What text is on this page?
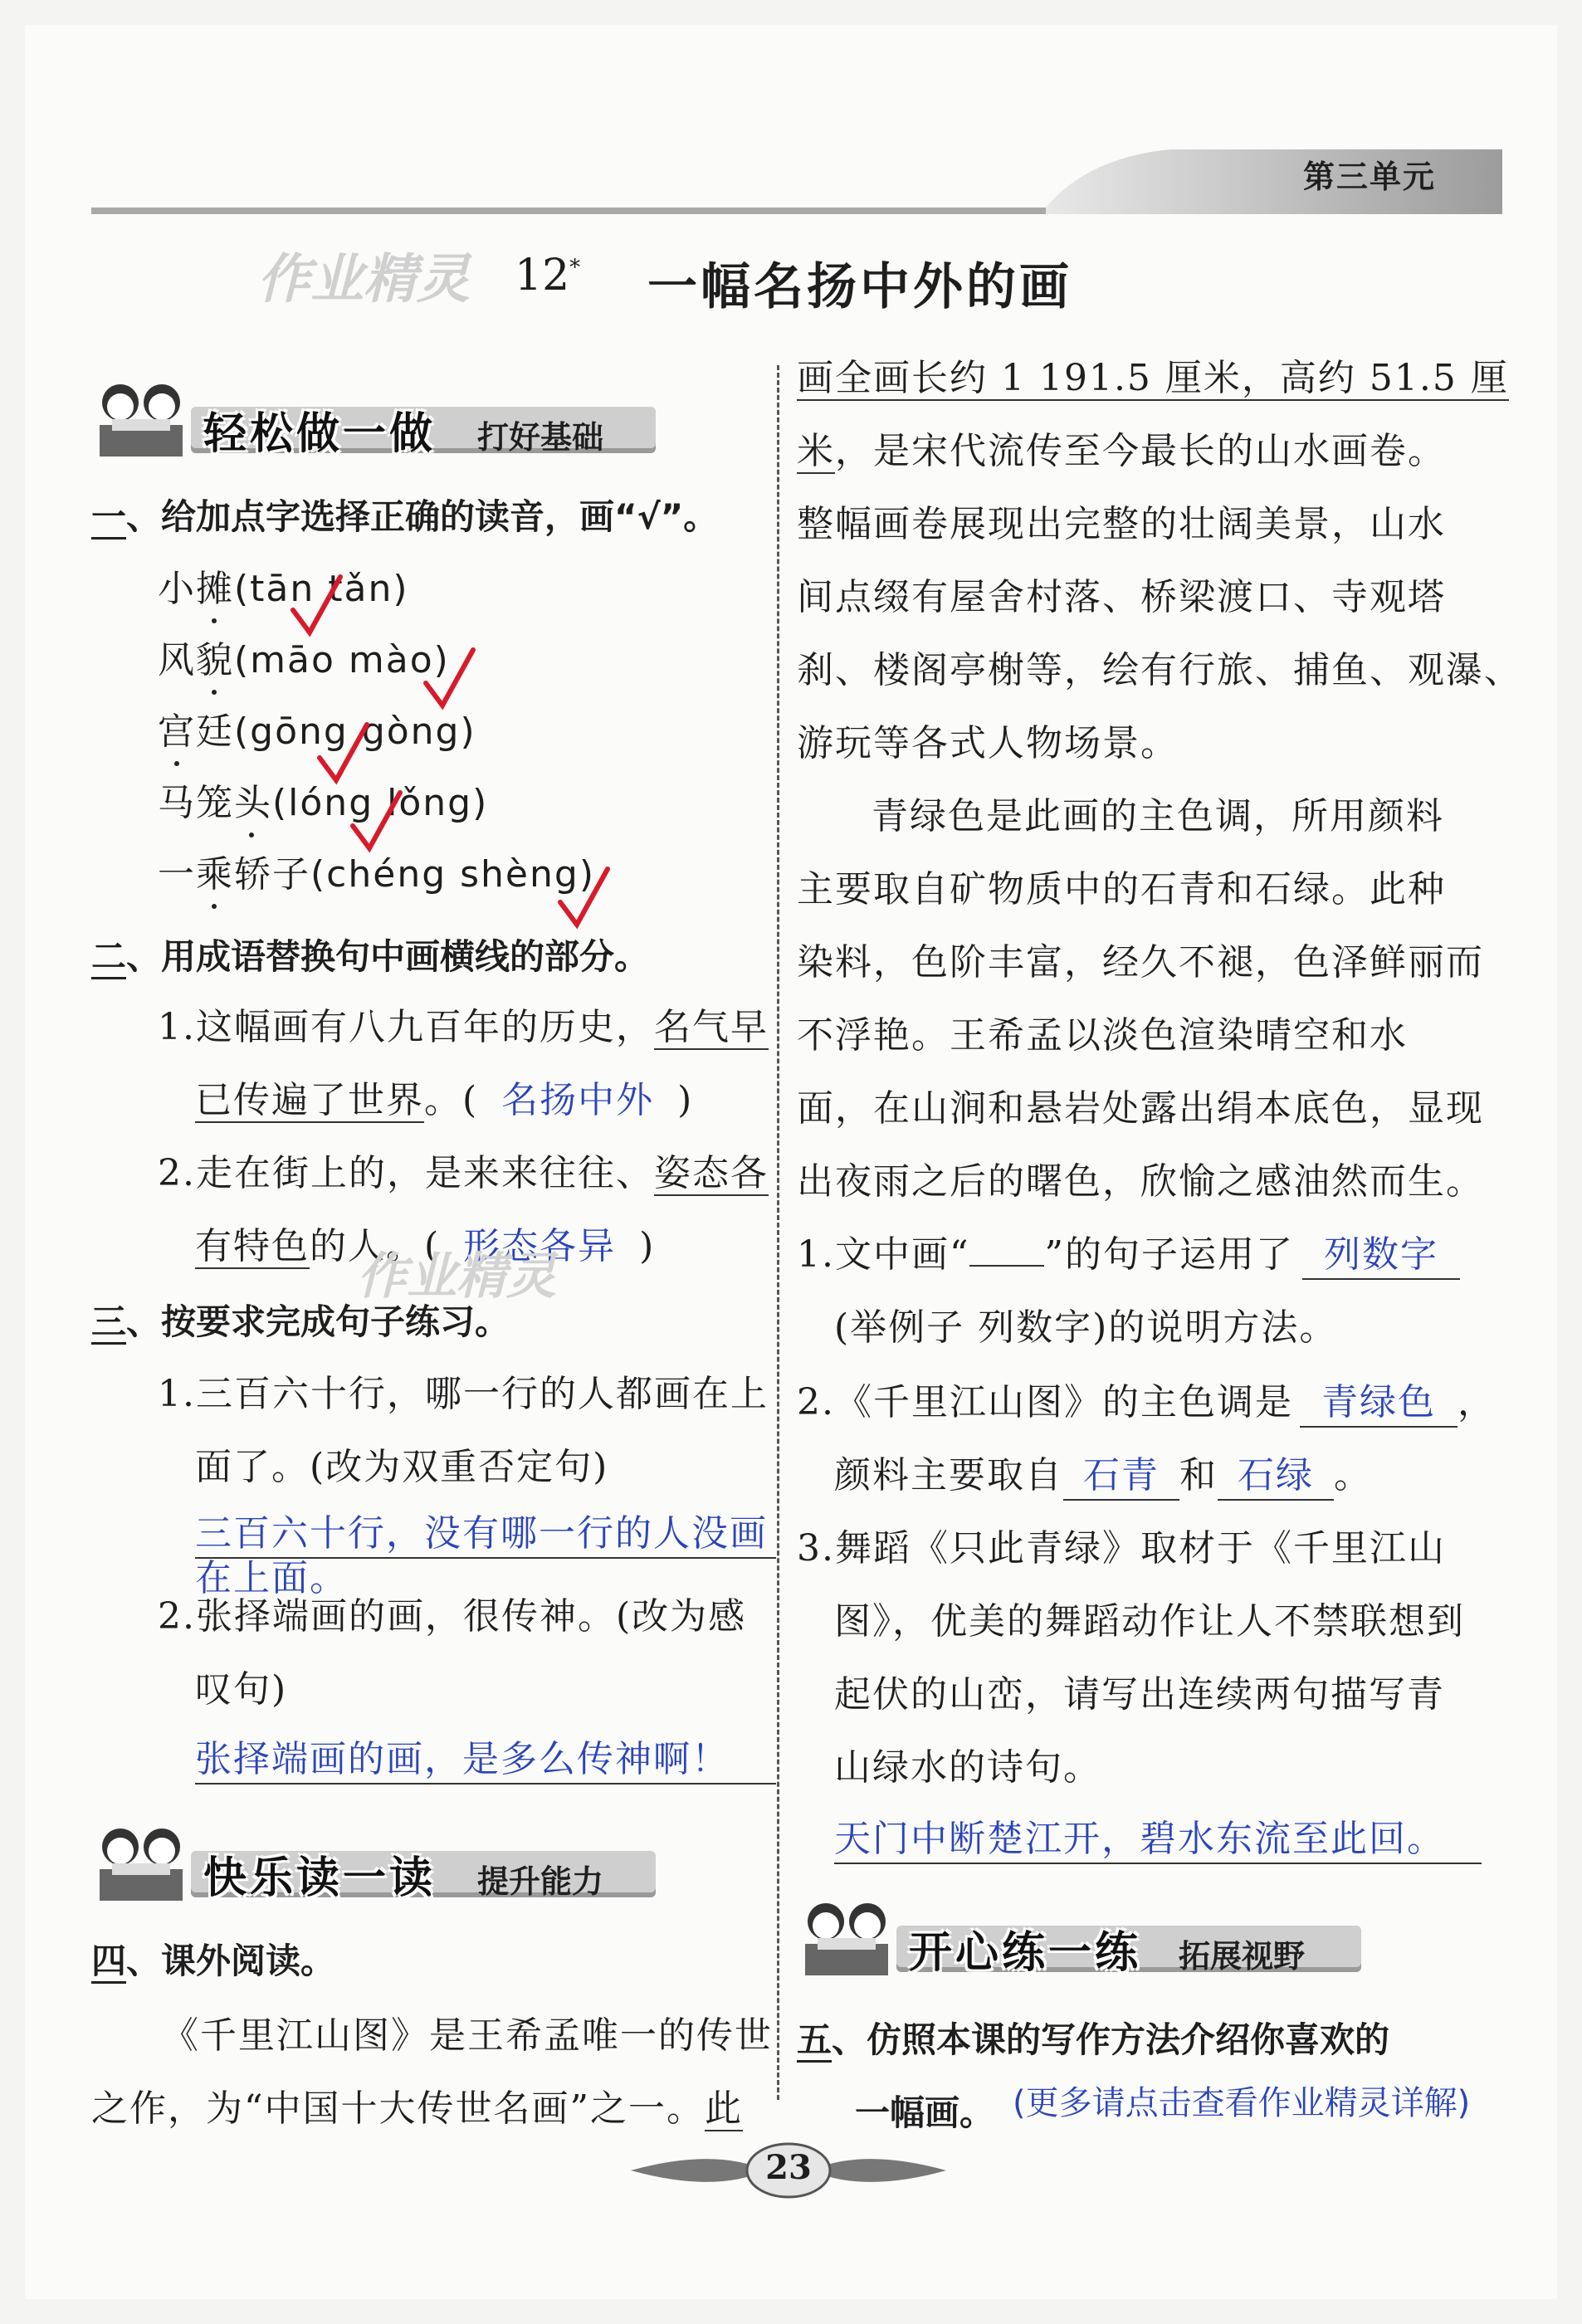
第三单元
作业精灵 12* 一幅名扬中外的画
轻松做一做 打好基础
一、给加点字选择正确的读音，画“√”。
小摊(tān tǎn)
风貌(māo mào)
宫廷(gōng gòng)
马笼头(lóng lǒng)
一乘轿子(chéng shèng)
二、用成语替换句中画横线的部分。
1.这幅画有八九百年的历史，名气早
已传遍了世界。( 名扬中外 )
2.走在街上的，是来来往往、姿态各
有特色的人。( 形态各异 )
作业精灵
三、按要求完成句子练习。
1.三百六十行，哪一行的人都画在上
面了。(改为双重否定句)
三百六十行，没有哪一行的人没画
在上面。
2.张择端画的画，很传神。(改为感
叹句)
张择端画的画，是多么传神啊！
快乐读一读 提升能力
四、课外阅读。
《千里江山图》是王希孟唯一的传世
之作，为“中国十大传世名画”之一。此
画全画长约 1 191.5 厘米，高约 51.5 厘
米，是宋代流传至今最长的山水画卷。
整幅画卷展现出完整的壮阔美景，山水
间点缀有屋舍村落、桥梁渡口、寺观塔
刹、楼阁亭榭等，绘有行旅、捕鱼、观瀑、
游玩等各式人物场景。
青绿色是此画的主色调，所用颜料
主要取自矿物质中的石青和石绿。此种
染料，色阶丰富，经久不褪，色泽鲜丽而
不浮艳。王希孟以淡色渲染晴空和水
面，在山涧和悬岩处露出绢本底色，显现
出夜雨之后的曙色，欣愉之感油然而生。
1.文中画“ ”的句子运用了 列数字
(举例子 列数字)的说明方法。
2.《千里江山图》的主色调是 青绿色 ，
颜料主要取自 石青 和 石绿 。
3.舞蹈《只此青绿》取材于《千里江山
图》，优美的舞蹈动作让人不禁联想到
起伏的山峦，请写出连续两句描写青
山绿水的诗句。
天门中断楚江开，碧水东流至此回。
开心练一练 拓展视野
五、仿照本课的写作方法介绍你喜欢的
一幅画。 (更多请点击查看作业精灵详解)
23
